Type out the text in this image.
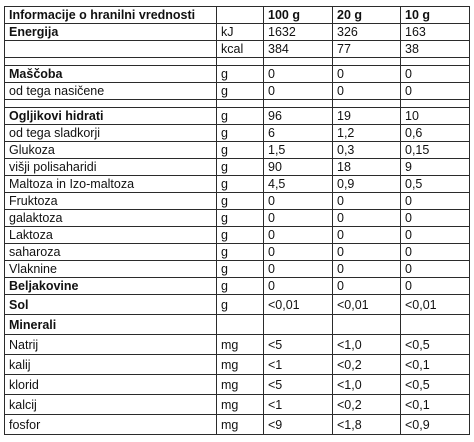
Informacije o hranilni vrednosti		100 g	20 g	10 g
Energija	kJ	1632	326	163
	kcal	384	77	38

Maščoba	g	0	0	0
od tega nasičene	g	0	0	0

Ogljikovi hidrati	g	96	19	10
od tega sladkorji	g	6	1,2	0,6
Glukoza	g	1,5	0,3	0,15
višji polisaharidi	g	90	18	9
Maltoza in Izo-maltoza	g	4,5	0,9	0,5
Fruktoza	g	0	0	0
galaktoza	g	0	0	0
Laktoza	g	0	0	0
saharoza	g	0	0	0
Vlaknine	g	0	0	0
Beljakovine	g	0	0	0
Sol	g	<0,01	<0,01	<0,01
Minerali				
Natrij	mg	<5	<1,0	<0,5
kalij	mg	<1	<0,2	<0,1
klorid	mg	<5	<1,0	<0,5
kalcij	mg	<1	<0,2	<0,1
fosfor	mg	<9	<1,8	<0,9
